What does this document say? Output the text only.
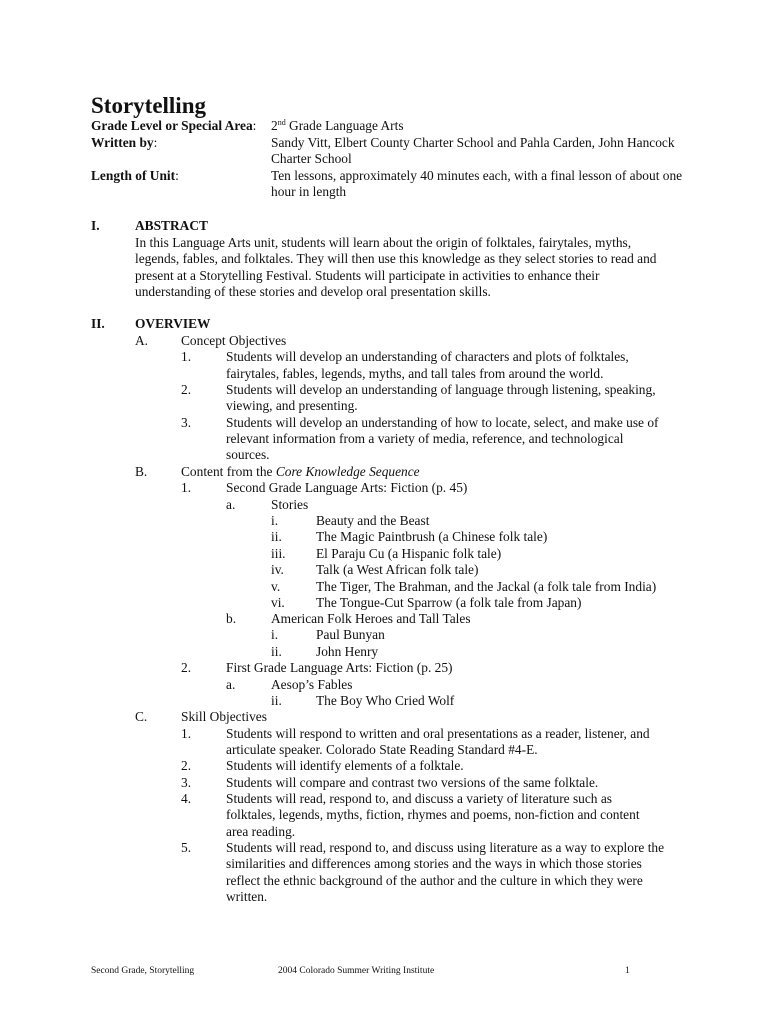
Storytelling
Grade Level or Special Area:	2nd Grade Language Arts
Written by:	Sandy Vitt, Elbert County Charter School and Pahla Carden, John Hancock Charter School
Length of Unit:	Ten lessons, approximately 40 minutes each, with a final lesson of about one hour in length
I.	ABSTRACT
In this Language Arts unit, students will learn about the origin of folktales, fairytales, myths,
legends, fables, and folktales. They will then use this knowledge as they select stories to read and
present at a Storytelling Festival. Students will participate in activities to enhance their
understanding of these stories and develop oral presentation skills.
II. OVERVIEW
A. Concept Objectives
1.	Students will develop an understanding of characters and plots of folktales,
fairytales, fables, legends, myths, and tall tales from around the world.
2.	Students will develop an understanding of language through listening, speaking,
viewing, and presenting.
3.	Students will develop an understanding of how to locate, select, and make use of
relevant information from a variety of media, reference, and technological
sources.
B.	Content from the Core Knowledge Sequence
1.	Second Grade Language Arts: Fiction (p. 45)
a.	Stories
i.	Beauty and the Beast
ii.	The Magic Paintbrush (a Chinese folk tale)
iii. El Paraju Cu (a Hispanic folk tale)
iv. Talk (a West African folk tale)
v.	The Tiger, The Brahman, and the Jackal (a folk tale from India)
vi. The Tongue-Cut Sparrow (a folk tale from Japan)
b.	American Folk Heroes and Tall Tales
i.	Paul Bunyan
ii.	John Henry
2.	First Grade Language Arts: Fiction (p. 25)
a.	Aesop’s Fables
ii.	The Boy Who Cried Wolf
C.	Skill Objectives
1.	Students will respond to written and oral presentations as a reader, listener, and
articulate speaker. Colorado State Reading Standard #4-E.
2.	Students will identify elements of a folktale.
3.	Students will compare and contrast two versions of the same folktale.
4.	Students will read, respond to, and discuss a variety of literature such as
folktales, legends, myths, fiction, rhymes and poems, non-fiction and content
area reading.
5.	Students will read, respond to, and discuss using literature as a way to explore the
similarities and differences among stories and the ways in which those stories
reflect the ethnic background of the author and the culture in which they were
written.
Second Grade, Storytelling	2004 Colorado Summer Writing Institute	1
